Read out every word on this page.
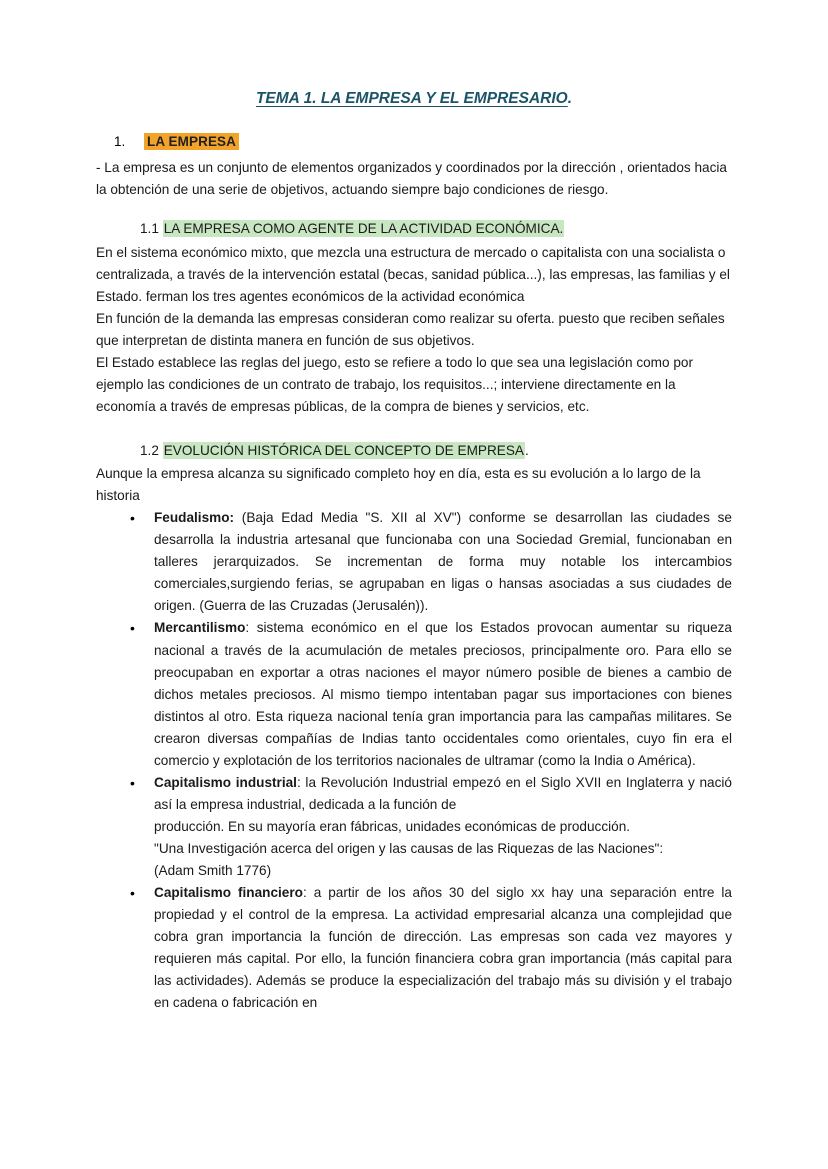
TEMA 1. LA EMPRESA Y EL EMPRESARIO.
1. LA EMPRESA

- La empresa es un conjunto de elementos organizados y coordinados por la dirección , orientados hacia la obtención de una serie de objetivos, actuando siempre bajo condiciones de riesgo.

1.1 LA EMPRESA COMO AGENTE DE LA ACTIVIDAD ECONÓMICA.

En el sistema económico mixto, que mezcla una estructura de mercado o capitalista con una socialista o centralizada, a través de la intervención estatal (becas, sanidad pública...), las empresas, las familias y el Estado. ferman los tres agentes económicos de la actividad económica

En función de la demanda las empresas consideran como realizar su oferta. puesto que reciben señales que interpretan de distinta manera en función de sus objetivos.

El Estado establece las reglas del juego, esto se refiere a todo lo que sea una legislación como por ejemplo las condiciones de un contrato de trabajo, los requisitos...; interviene directamente en la economía a través de empresas públicas, de la compra de bienes y servicios, etc.

1.2 EVOLUCIÓN HISTÓRICA DEL CONCEPTO DE EMPRESA.

Aunque la empresa alcanza su significado completo hoy en día, esta es su evolución a lo largo de la historia

• Feudalismo: (Baja Edad Media "S. XII al XV") conforme se desarrollan las ciudades se desarrolla la industria artesanal que funcionaba con una Sociedad Gremial, funcionaban en talleres jerarquizados. Se incrementan de forma muy notable los intercambios comerciales,surgiendo ferias, se agrupaban en ligas o hansas asociadas a sus ciudades de origen. (Guerra de las Cruzadas (Jerusalén)).
• Mercantilismo: sistema económico en el que los Estados provocan aumentar su riqueza nacional a través de la acumulación de metales preciosos, principalmente oro. Para ello se preocupaban en exportar a otras naciones el mayor número posible de bienes a cambio de dichos metales preciosos. Al mismo tiempo intentaban pagar sus importaciones con bienes distintos al otro. Esta riqueza nacional tenía gran importancia para las campañas militares. Se crearon diversas compañías de Indias tanto occidentales como orientales, cuyo fin era el comercio y explotación de los territorios nacionales de ultramar (como la India o América).
• Capitalismo industrial: la Revolución Industrial empezó en el Siglo XVII en Inglaterra y nació así la empresa industrial, dedicada a la función de
producción. En su mayoría eran fábricas, unidades económicas de producción.
"Una Investigación acerca del origen y las causas de las Riquezas de las Naciones":
(Adam Smith 1776)
• Capitalismo financiero: a partir de los años 30 del siglo xx hay una separación entre la propiedad y el control de la empresa. La actividad empresarial alcanza una complejidad que cobra gran importancia la función de dirección. Las empresas son cada vez mayores y requieren más capital. Por ello, la función financiera cobra gran importancia (más capital para las actividades). Además se produce la especialización del trabajo más su división y el trabajo en cadena o fabricación en
